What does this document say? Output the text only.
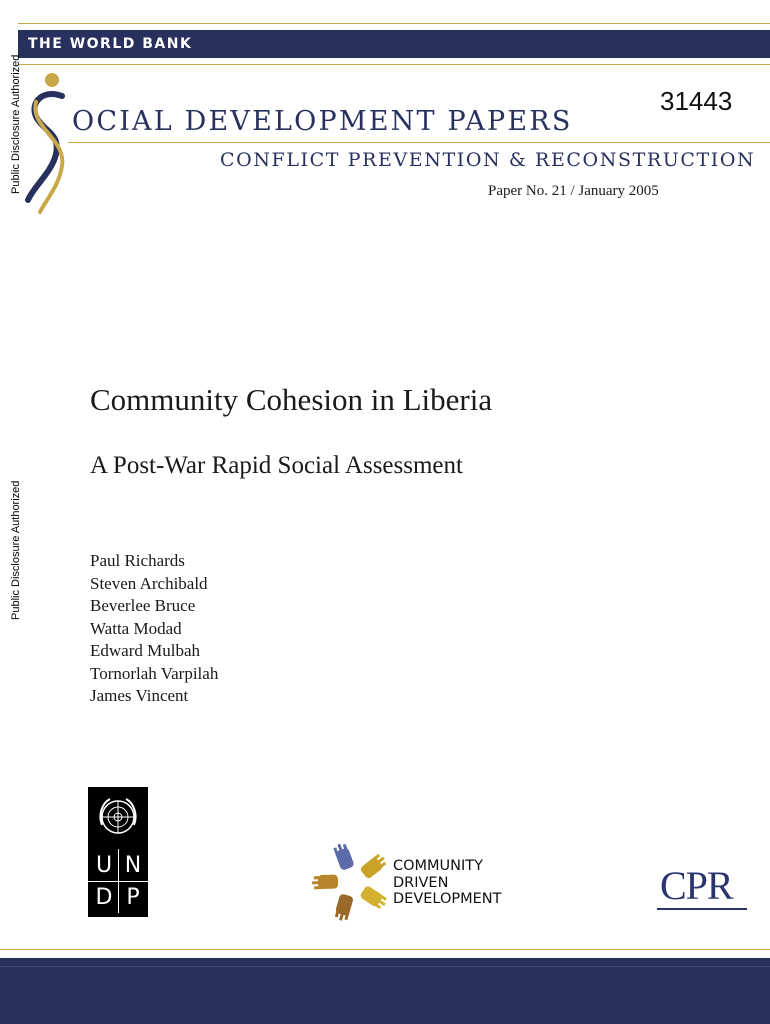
THE WORLD BANK
Public Disclosure Authorized
Public Disclosure Authorized
31443
OCIAL DEVELOPMENT PAPERS
CONFLICT PREVENTION & RECONSTRUCTION
Paper No. 21 / January 2005
Community Cohesion in Liberia
A Post-War Rapid Social Assessment
Paul Richards
Steven Archibald
Beverlee Bruce
Watta Modad
Edward Mulbah
Tornorlah Varpilah
James Vincent
U N
D P
COMMUNITY
DRIVEN
DEVELOPMENT	CPR
